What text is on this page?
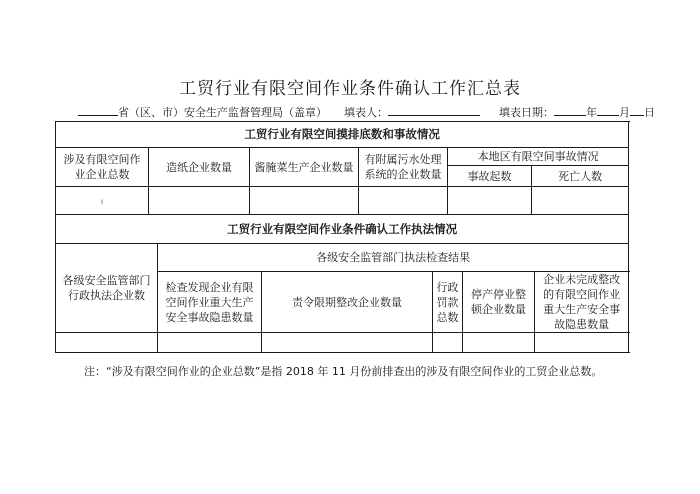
工贸行业有限空间作业条件确认工作汇总表
省（区、市）安全生产监督管理局（盖章） 填表人：	填表日期：	年 月 日
工贸行业有限空间摸排底数和事故情况										
涉及有限空间作业企业总数	造纸企业数量		酱腌菜生产企业数量		有附属污水处理系统的企业数量		本地区有限空间事故情况			
							事故起数		死亡人数	
ı										
工贸行业有限空间作业条件确认工作执法情况										
各级安全监管部门行政执法企业数		各级安全监管部门执法检查结果								
		检查发现企业有限空间作业重大生产安全事故隐患数量		责令限期整改企业数量		行政罚款总数		停产停业整顿企业数量		企业未完成整改的有限空间作业重大生产安全事故隐患数量

注：“涉及有限空间作业的企业总数”是指 2018 年 11 月份前排查出的涉及有限空间作业的工贸企业总数。
